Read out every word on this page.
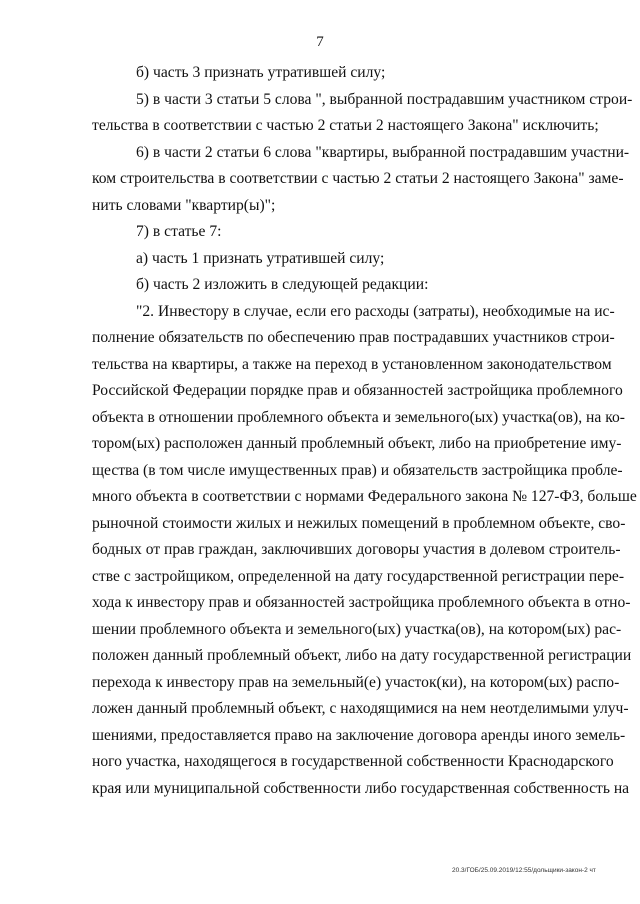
7
б) часть 3 признать утратившей силу;
5) в части 3 статьи 5 слова ", выбранной пострадавшим участником строи-
тельства в соответствии с частью 2 статьи 2 настоящего Закона" исключить;
6) в части 2 статьи 6 слова "квартиры, выбранной пострадавшим участни-
ком строительства в соответствии с частью 2 статьи 2 настоящего Закона" заме-
нить словами "квартир(ы)";
7) в статье 7:
а) часть 1 признать утратившей силу;
б) часть 2 изложить в следующей редакции:
"2. Инвестору в случае, если его расходы (затраты), необходимые на ис-
полнение обязательств по обеспечению прав пострадавших участников строи-
тельства на квартиры, а также на переход в установленном законодательством
Российской Федерации порядке прав и обязанностей застройщика проблемного
объекта в отношении проблемного объекта и земельного(ых) участка(ов), на ко-
тором(ых) расположен данный проблемный объект, либо на приобретение иму-
щества (в том числе имущественных прав) и обязательств застройщика пробле-
много объекта в соответствии с нормами Федерального закона № 127-ФЗ, больше
рыночной стоимости жилых и нежилых помещений в проблемном объекте, сво-
бодных от прав граждан, заключивших договоры участия в долевом строитель-
стве с застройщиком, определенной на дату государственной регистрации пере-
хода к инвестору прав и обязанностей застройщика проблемного объекта в отно-
шении проблемного объекта и земельного(ых) участка(ов), на котором(ых) рас-
положен данный проблемный объект, либо на дату государственной регистрации
перехода к инвестору прав на земельный(е) участок(ки), на котором(ых) распо-
ложен данный проблемный объект, с находящимися на нем неотделимыми улуч-
шениями, предоставляется право на заключение договора аренды иного земель-
ного участка, находящегося в государственной собственности Краснодарского
края или муниципальной собственности либо государственная собственность на
20.3/ГОБ/25.09.2019/12:55/дольщики-закон-2 чт
